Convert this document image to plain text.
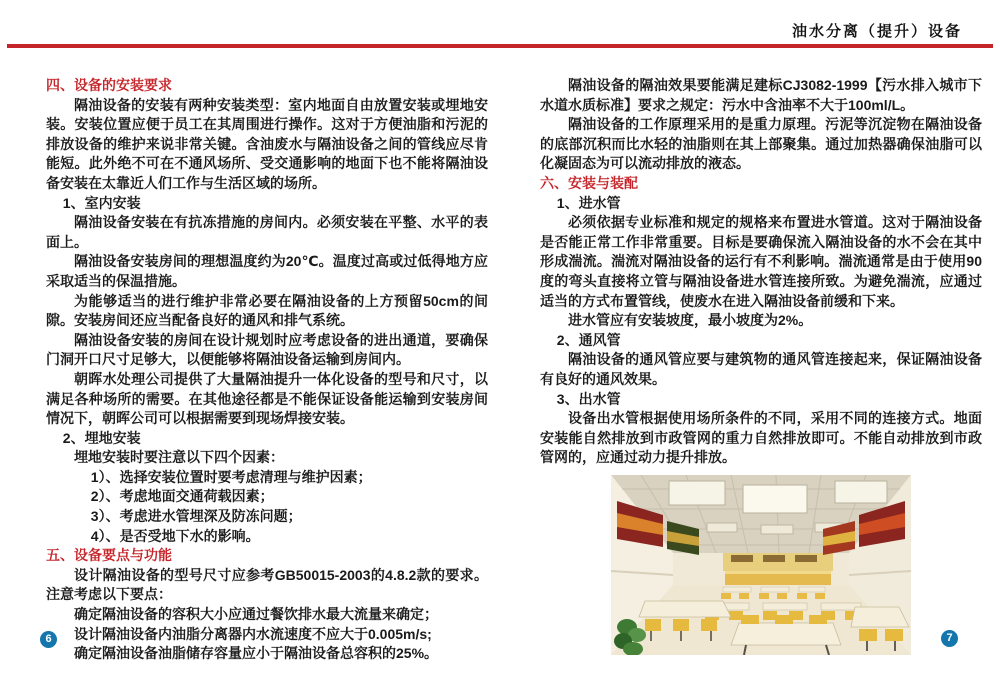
油水分离（提升）设备
四、设备的安装要求

隔油设备的安装有两种安装类型：室内地面自由放置安装或埋地安装。安装位置应便于员工在其周围进行操作。这对于方便油脂和污泥的排放设备的维护来说非常关键。含油废水与隔油设备之间的管线应尽肯能短。此外绝不可在不通风场所、受交通影响的地面下也不能将隔油设备安装在太靠近人们工作与生活区域的场所。

1、室内安装

隔油设备安装在有抗冻措施的房间内。必须安装在平整、水平的表面上。

隔油设备安装房间的理想温度约为20℃。温度过高或过低得地方应采取适当的保温措施。

为能够适当的进行维护非常必要在隔油设备的上方预留50cm的间隙。安装房间还应当配备良好的通风和排气系统。

隔油设备安装的房间在设计规划时应考虑设备的进出通道，要确保门洞开口尺寸足够大，以便能够将隔油设备运输到房间内。

朝晖水处理公司提供了大量隔油提升一体化设备的型号和尺寸，以满足各种场所的需要。在其他途径都是不能保证设备能运输到安装房间情况下，朝晖公司可以根据需要到现场焊接安装。

2、埋地安装

埋地安装时要注意以下四个因素：

1）、选择安装位置时要考虑清理与维护因素；

2）、考虑地面交通荷载因素；

3）、考虑进水管埋深及防冻问题；

4）、是否受地下水的影响。

五、设备要点与功能

设计隔油设备的型号尺寸应参考GB50015-2003的4.8.2款的要求。注意考虑以下要点：

确定隔油设备的容积大小应通过餐饮排水最大流量来确定；

设计隔油设备内油脂分离器内水流速度不应大于0.005m/s;

确定隔油设备油脂储存容量应小于隔油设备总容积的25%。

隔油设备的隔油效果要能满足建标CJ3082-1999【污水排入城市下水道水质标准】要求之规定：污水中含油率不大于100ml/L。

隔油设备的工作原理采用的是重力原理。污泥等沉淀物在隔油设备的底部沉积而比水轻的油脂则在其上部聚集。通过加热器确保油脂可以化凝固态为可以流动排放的液态。

六、安装与装配

1、进水管

必须依据专业标准和规定的规格来布置进水管道。这对于隔油设备是否能正常工作非常重要。目标是要确保流入隔油设备的水不会在其中形成湍流。湍流对隔油设备的运行有不利影响。湍流通常是由于使用90度的弯头直接将立管与隔油设备进水管连接所致。为避免湍流，应通过适当的方式布置管线，使废水在进入隔油设备前缓和下来。

进水管应有安装坡度，最小坡度为2%。

2、通风管

隔油设备的通风管应要与建筑物的通风管连接起来，保证隔油设备有良好的通风效果。

3、出水管

设备出水管根据使用场所条件的不同，采用不同的连接方式。地面安装能自然排放到市政管网的重力自然排放即可。不能自动排放到市政管网的，应通过动力提升排放。

6	7
